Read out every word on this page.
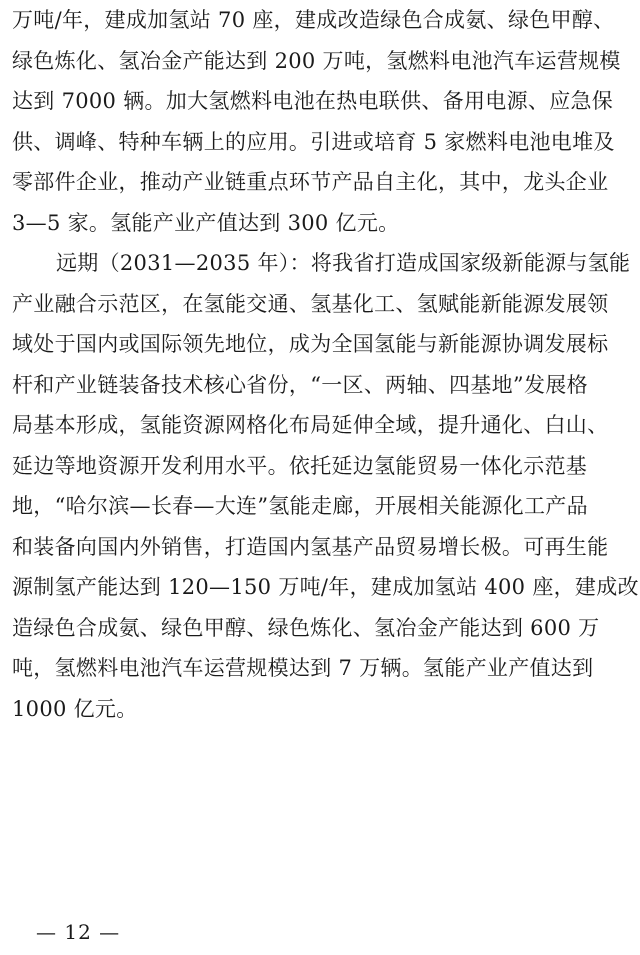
万吨/年，建成加氢站 70 座，建成改造绿色合成氨、绿色甲醇、
绿色炼化、氢冶金产能达到 200 万吨，氢燃料电池汽车运营规模
达到 7000 辆。加大氢燃料电池在热电联供、备用电源、应急保
供、调峰、特种车辆上的应用。引进或培育 5 家燃料电池电堆及
零部件企业，推动产业链重点环节产品自主化，其中，龙头企业
3—5 家。氢能产业产值达到 300 亿元。
远期（2031—2035 年）：将我省打造成国家级新能源与氢能
产业融合示范区，在氢能交通、氢基化工、氢赋能新能源发展领
域处于国内或国际领先地位，成为全国氢能与新能源协调发展标
杆和产业链装备技术核心省份，“一区、两轴、四基地”发展格
局基本形成，氢能资源网格化布局延伸全域，提升通化、白山、
延边等地资源开发利用水平。依托延边氢能贸易一体化示范基
地，“哈尔滨—长春—大连”氢能走廊，开展相关能源化工产品
和装备向国内外销售，打造国内氢基产品贸易增长极。可再生能
源制氢产能达到 120—150 万吨/年，建成加氢站 400 座，建成改
造绿色合成氨、绿色甲醇、绿色炼化、氢冶金产能达到 600 万
吨，氢燃料电池汽车运营规模达到 7 万辆。氢能产业产值达到
1000 亿元。
— 12 —
